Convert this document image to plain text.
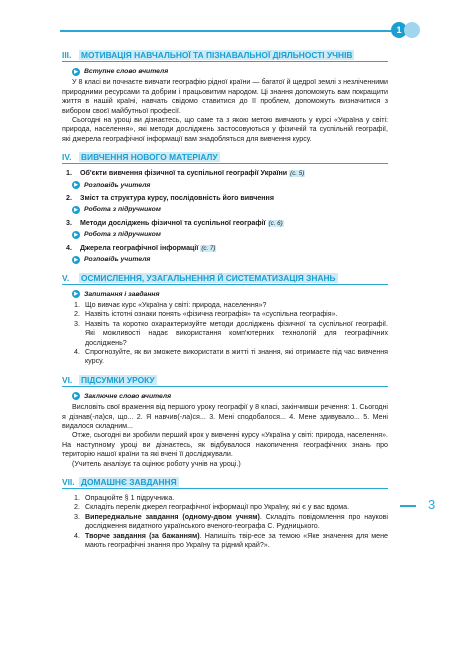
1
III. МОТИВАЦІЯ НАВЧАЛЬНОЇ ТА ПІЗНАВАЛЬНОЇ ДІЯЛЬНОСТІ УЧНІВ
▶ Вступне слово вчителя

У 8 класі ви почнаєте вивчати географію рідної країни — багатої й щедрої землі з незліченними природними ресурсами та добрим і працьовитим народом. Ці знання допоможуть вам покращити життя в нашій країні, навчать свідомо ставитися до її проблем, допоможуть визначитися з вибором своєї майбутньої професії.

Сьогодні на уроці ви дізнаєтесь, що саме та з якою метою вивчають у курсі «Україна у світі: природа, населення», які методи досліджень застосовуються у фізичній та суспільній географії, які джерела географічної інформації вам знадобляться для вивчення курсу.

IV. ВИВЧЕННЯ НОВОГО МАТЕРІАЛУ
1.	Об'єкти вивчення фізичної та суспільної географії України (с. 5)
▶ Розповідь учителя
2.	Зміст та структура курсу, послідовність його вивчення
▶ Робота з підручником
3.	Методи досліджень фізичної та суспільної географії (с. 6)
▶ Робота з підручником
4.	Джерела географічної інформації (с. 7)
▶ Розповідь учителя
V. ОСМИСЛЕННЯ, УЗАГАЛЬНЕННЯ Й СИСТЕМАТИЗАЦІЯ ЗНАНЬ
▶ Запитання і завдання
1. Що вивчає курс «Україна у світі: природа, населення»?
2. Назвіть істотні ознаки понять «фізична географія» та «суспільна географія».
3. Назвіть та коротко охарактеризуйте методи досліджень фізичної та суспільної географії. Які можливості надає використання комп'ютерних технологій для географічних досліджень?
4. Спрогнозуйте, як ви зможете використати в житті ті знання, які отримаєте під час вивчення курсу.
VI. ПІДСУМКИ УРОКУ
▶ Заключне слово вчителя

Висловіть свої враження від першого уроку географії у 8 класі, закінчивши речення: 1. Сьогодні я дізнав(-ла)ся, що... 2. Я навчив(-ла)ся... 3. Мені сподобалося... 4. Мене здивувало... 5. Мені видалося складним...

Отже, сьогодні ви зробили перший крок у вивченні курсу «Україна у світі: природа, населення». На наступному уроці ви дізнаєтесь, як відбувалося накопичення географічних знань про територію нашої країни та які вчені її досліджували.

(Учитель аналізує та оцінює роботу учнів на уроці.)

VII. ДОМАШНЄ ЗАВДАННЯ
1. Опрацюйте § 1 підручника.
2. Складіть перелік джерел географічної інформації про Україну, які є у вас вдома.
3. Випереджальне завдання (одному-двом учням). Складіть повідомлення про наукові дослідження видатного українського вченого-географа С. Рудницького.
4. Творче завдання (за бажанням). Напишіть твір-есе за темою «Яке значення для мене мають географічні знання про Україну та рідний край?».
3
